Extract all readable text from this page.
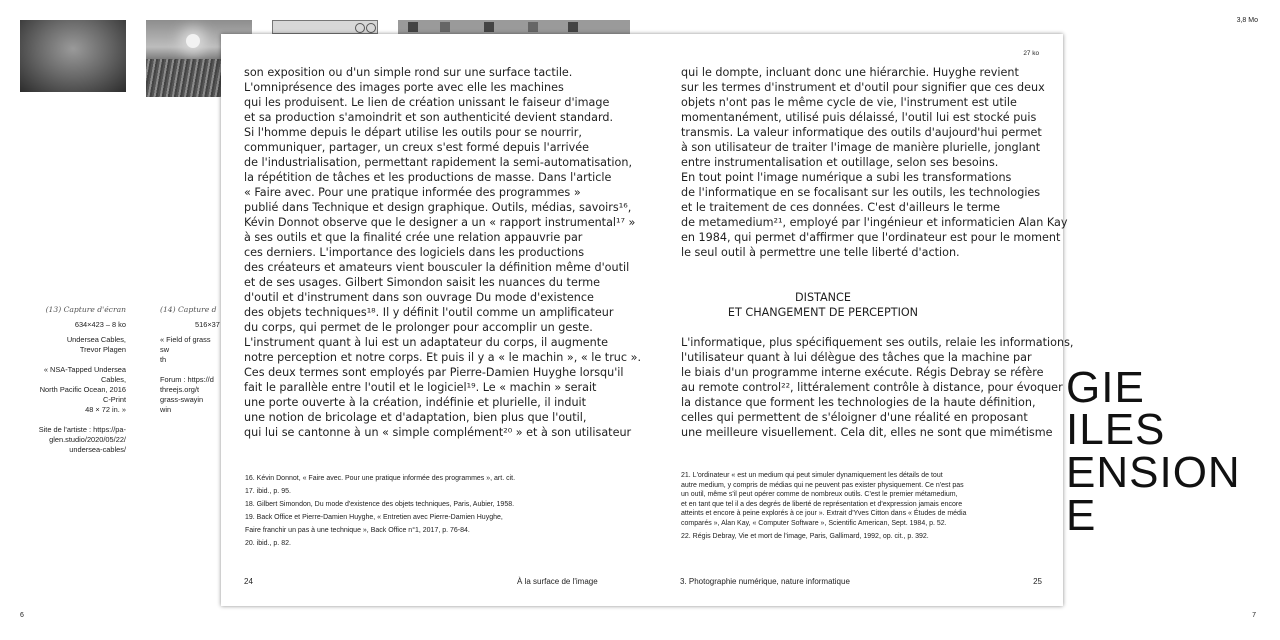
3,8 Mo
(13) Capture d'écran
634×423 – 8 ko
Undersea Cables,
Trevor Plagen
« NSA-Tapped Undersea
Cables,
North Pacific Ocean, 2016
C-Print
48 × 72 in. »
Site de l'artiste : https://pa-
glen.studio/2020/05/22/
undersea-cables/
(14) Capture d
516×37
« Field of grass sw
th
Forum : https://d
threejs.org/t
grass-swayin
win	GIE
ILES
ENSION
E
6	7
27 ko
son exposition ou d'un simple rond sur une surface tactile.
L'omniprésence des images porte avec elle les machines
qui les produisent. Le lien de création unissant le faiseur d'image
et sa production s'amoindrit et son authenticité devient standard.
Si l'homme depuis le départ utilise les outils pour se nourrir,
communiquer, partager, un creux s'est formé depuis l'arrivée
de l'industrialisation, permettant rapidement la semi-automatisation,
la répétition de tâches et les productions de masse. Dans l'article
« Faire avec. Pour une pratique informée des programmes »
publié dans Technique et design graphique. Outils, médias, savoirs¹⁶,
Kévin Donnot observe que le designer a un « rapport instrumental¹⁷ »
à ses outils et que la finalité crée une relation appauvrie par
ces derniers. L'importance des logiciels dans les productions
des créateurs et amateurs vient bousculer la définition même d'outil
et de ses usages. Gilbert Simondon saisit les nuances du terme
d'outil et d'instrument dans son ouvrage Du mode d'existence
des objets techniques¹⁸. Il y définit l'outil comme un amplificateur
du corps, qui permet de le prolonger pour accomplir un geste.
L'instrument quant à lui est un adaptateur du corps, il augmente
notre perception et notre corps. Et puis il y a « le machin », « le truc ».
Ces deux termes sont employés par Pierre-Damien Huyghe lorsqu'il
fait le parallèle entre l'outil et le logiciel¹⁹. Le « machin » serait
une porte ouverte à la création, indéfinie et plurielle, il induit
une notion de bricolage et d'adaptation, bien plus que l'outil,
qui lui se cantonne à un « simple complément²⁰ » et à son utilisateur
qui le dompte, incluant donc une hiérarchie. Huyghe revient
sur les termes d'instrument et d'outil pour signifier que ces deux
objets n'ont pas le même cycle de vie, l'instrument est utile
momentanément, utilisé puis délaissé, l'outil lui est stocké puis
transmis. La valeur informatique des outils d'aujourd'hui permet
à son utilisateur de traiter l'image de manière plurielle, jonglant
entre instrumentalisation et outillage, selon ses besoins.
En tout point l'image numérique a subi les transformations
de l'informatique en se focalisant sur les outils, les technologies
et le traitement de ces données. C'est d'ailleurs le terme
de metamedium²¹, employé par l'ingénieur et informaticien Alan Kay
en 1984, qui permet d'affirmer que l'ordinateur est pour le moment
le seul outil à permettre une telle liberté d'action.
DISTANCE
ET CHANGEMENT DE PERCEPTION
L'informatique, plus spécifiquement ses outils, relaie les informations,
l'utilisateur quant à lui délègue des tâches que la machine par
le biais d'un programme interne exécute. Régis Debray se réfère
au remote control²², littéralement contrôle à distance, pour évoquer
la distance que forment les technologies de la haute définition,
celles qui permettent de s'éloigner d'une réalité en proposant
une meilleure visuellement. Cela dit, elles ne sont que mimétisme
16. Kévin Donnot, « Faire avec. Pour une pratique informée des programmes », art. cit.
17. ibid., p. 95.
18. Gilbert Simondon, Du mode d'existence des objets techniques, Paris, Aubier, 1958.
19. Back Office et Pierre-Damien Huyghe, « Entretien avec Pierre-Damien Huyghe,
Faire franchir un pas à une technique », Back Office n°1, 2017, p. 76-84.
20. ibid., p. 82.
21. L'ordinateur « est un medium qui peut simuler dynamiquement les détails de tout
autre medium, y compris de médias qui ne peuvent pas exister physiquement. Ce n'est pas
un outil, même s'il peut opérer comme de nombreux outils. C'est le premier métamedium,
et en tant que tel il a des degrés de liberté de représentation et d'expression jamais encore
atteints et encore à peine explorés à ce jour ». Extrait d'Yves Citton dans « Études de média
comparés », Alan Kay, « Computer Software », Scientific American, Sept. 1984, p. 52.
22. Régis Debray, Vie et mort de l'image, Paris, Gallimard, 1992, op. cit., p. 392.
24	À la surface de l'image	3. Photographie numérique, nature informatique	25
